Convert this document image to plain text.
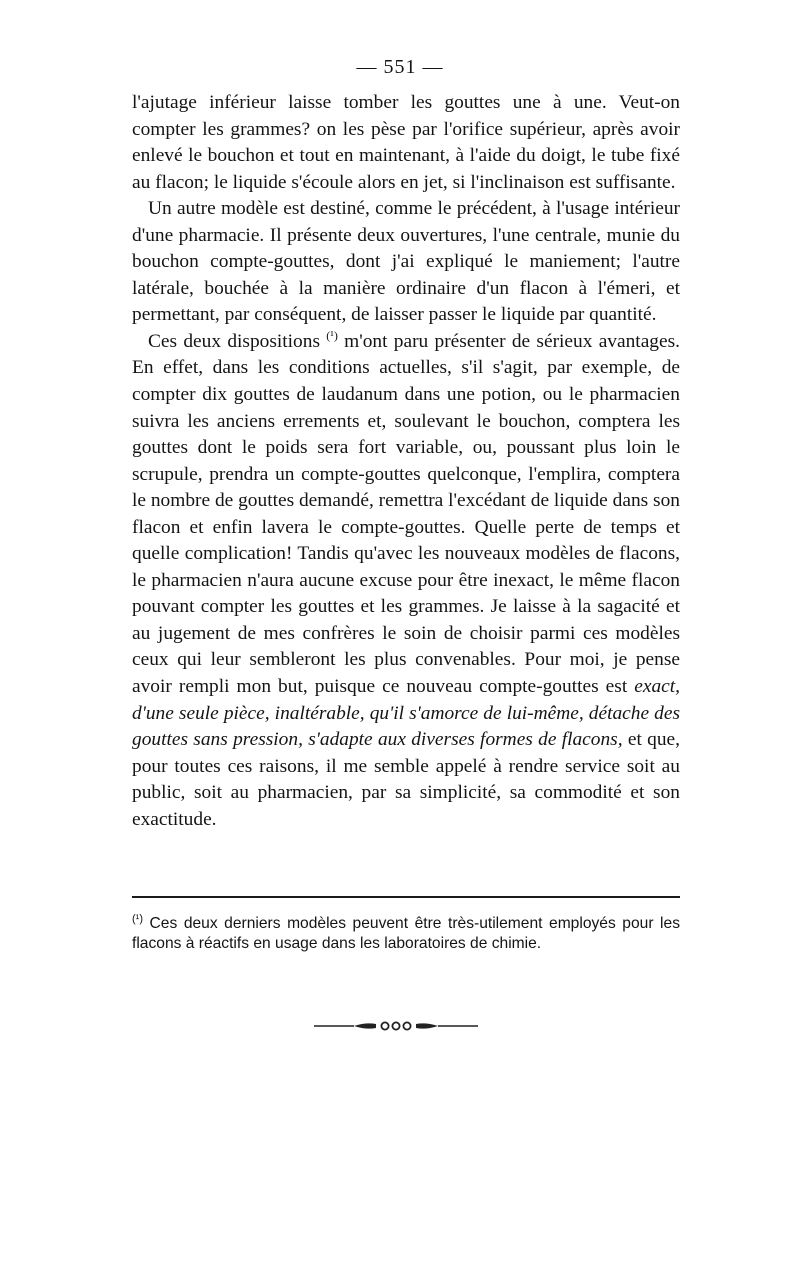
— 551 —

l'ajutage inférieur laisse tomber les gouttes une à une. Veut-on compter les grammes? on les pèse par l'orifice supérieur, après avoir enlevé le bouchon et tout en maintenant, à l'aide du doigt, le tube fixé au flacon; le liquide s'écoule alors en jet, si l'inclinaison est suffisante.

Un autre modèle est destiné, comme le précédent, à l'usage intérieur d'une pharmacie. Il présente deux ouvertures, l'une centrale, munie du bouchon compte-gouttes, dont j'ai expliqué le maniement; l'autre latérale, bouchée à la manière ordinaire d'un flacon à l'émeri, et permettant, par conséquent, de laisser passer le liquide par quantité.

Ces deux dispositions $^{(^1)}$ m'ont paru présenter de sérieux avantages. En effet, dans les conditions actuelles, s'il s'agit, par exemple, de compter dix gouttes de laudanum dans une potion, ou le pharmacien suivra les anciens errements et, soulevant le bouchon, comptera les gouttes dont le poids sera fort variable, ou, poussant plus loin le scrupule, prendra un compte-gouttes quelconque, l'emplira, comptera le nombre de gouttes demandé, remettra l'excédant de liquide dans son flacon et enfin lavera le compte-gouttes. Quelle perte de temps et quelle complication! Tandis qu'avec les nouveaux modèles de flacons, le pharmacien n'aura aucune excuse pour être inexact, le même flacon pouvant compter les gouttes et les grammes. Je laisse à la sagacité et au jugement de mes confrères le soin de choisir parmi ces modèles ceux qui leur sembleront les plus convenables. Pour moi, je pense avoir rempli mon but, puisque ce nouveau compte-gouttes est exact, d'une seule pièce, inaltérable, qu'il s'amorce de lui-même, détache des gouttes sans pression, s'adapte aux diverses formes de flacons, et que, pour toutes ces raisons, il me semble appelé à rendre service soit au public, soit au pharmacien, par sa simplicité, sa commodité et son exactitude.

$^{(^1)}$ Ces deux derniers modèles peuvent être très-utilement employés pour les flacons à réactifs en usage dans les laboratoires de chimie.
